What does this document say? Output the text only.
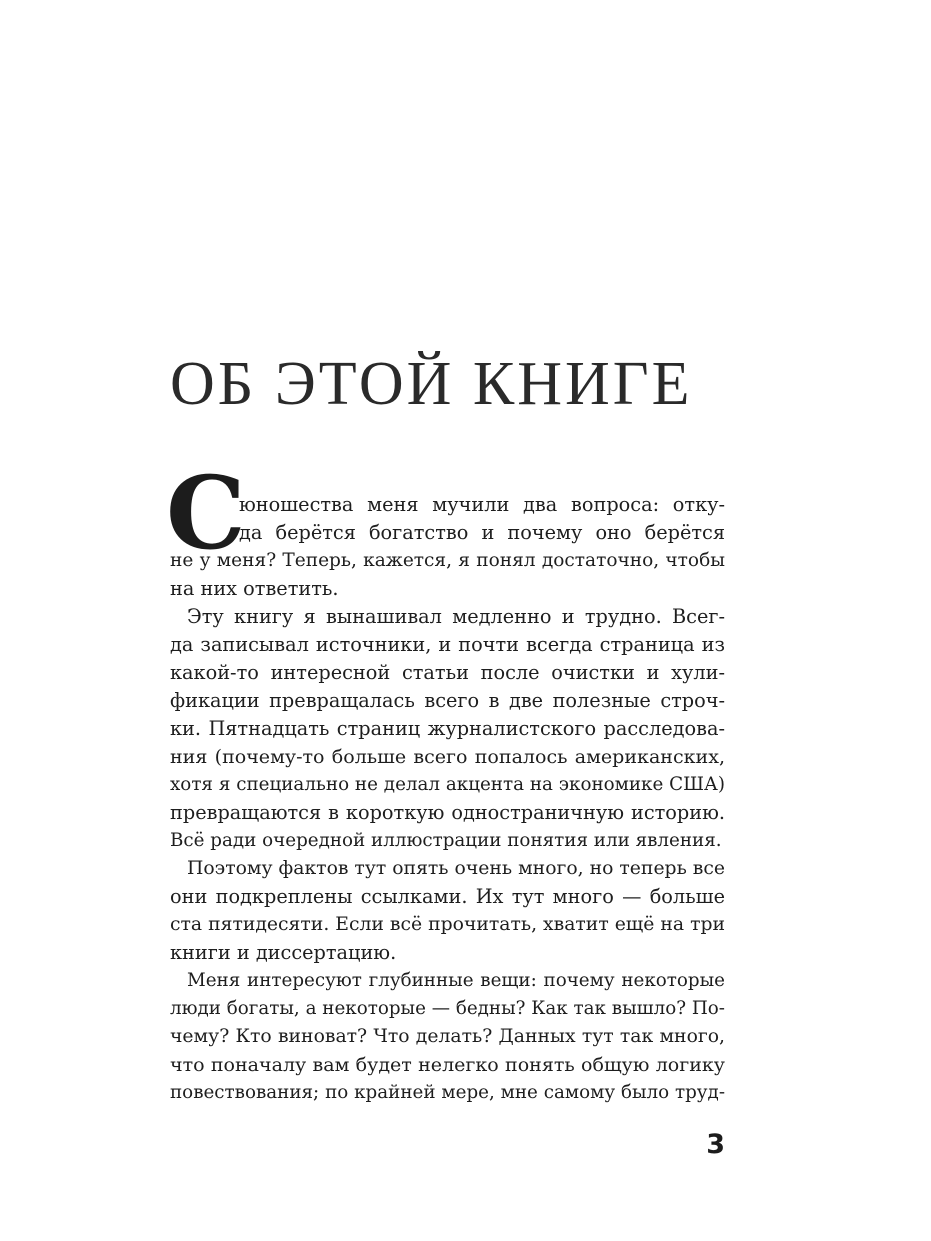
ОБ ЭТОЙ КНИГЕ
С
юношества меня мучили два вопроса: отку-
да берётся богатство и почему оно берётся
не у меня? Теперь, кажется, я понял достаточно, чтобы
на них ответить.
Эту книгу я вынашивал медленно и трудно. Всег-
да записывал источники, и почти всегда страница из
какой-то интересной статьи после очистки и хули-
фикации превращалась всего в две полезные строч-
ки. Пятнадцать страниц журналистского расследова-
ния (почему-то больше всего попалось американских,
хотя я специально не делал акцента на экономике США)
превращаются в короткую одностраничную историю.
Всё ради очередной иллюстрации понятия или явления.
Поэтому фактов тут опять очень много, но теперь все
они подкреплены ссылками. Их тут много — больше
ста пятидесяти. Если всё прочитать, хватит ещё на три
книги и диссертацию.
Меня интересуют глубинные вещи: почему некоторые
люди богаты, а некоторые — бедны? Как так вышло? По-
чему? Кто виноват? Что делать? Данных тут так много,
что поначалу вам будет нелегко понять общую логику
повествования; по крайней мере, мне самому было труд-
3
